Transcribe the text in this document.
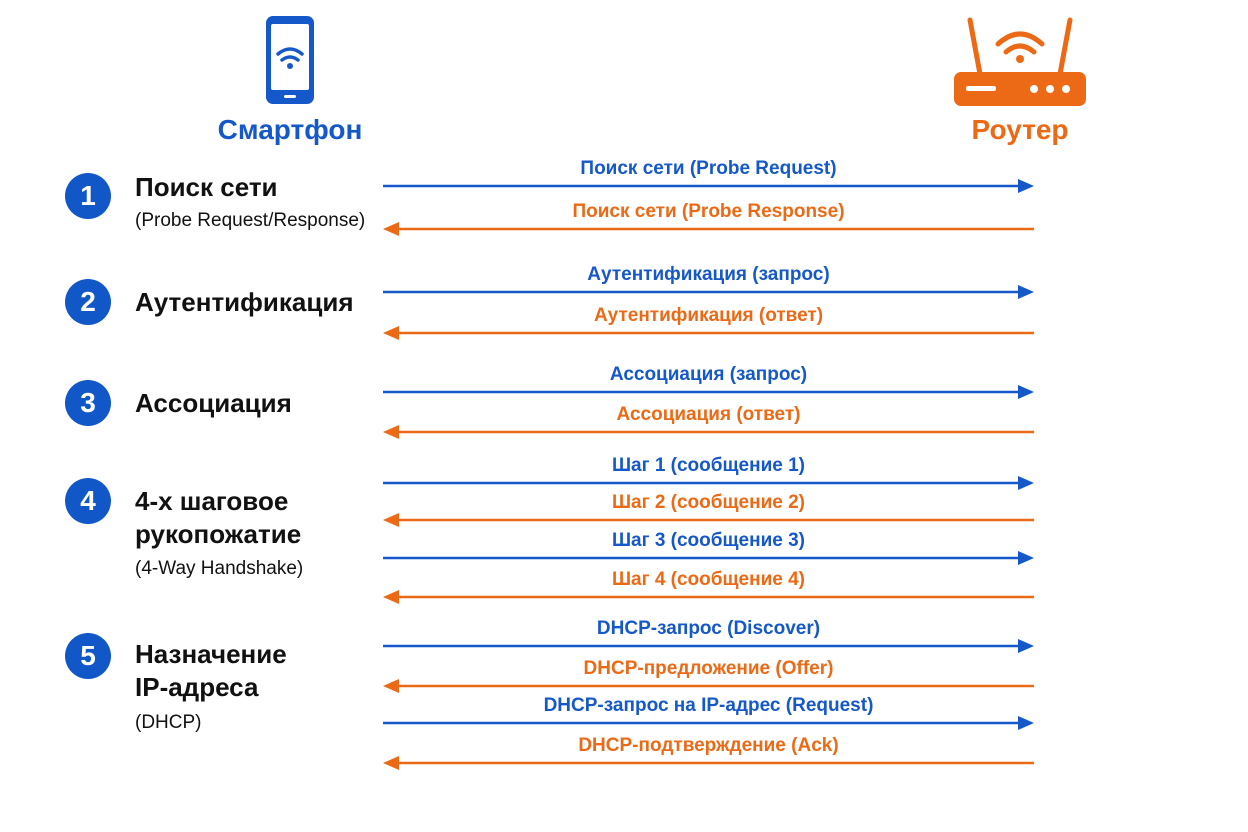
Смартфон	Роутер
1	Поиск сети
(Probe Request/Response)
2	Аутентификация
3	Ассоциация
4	4-х шаговое
рукопожатие
(4-Way Handshake)
5	Назначение
IP-адреса
(DHCP)
Поиск сети (Probe Request)
Поиск сети (Probe Response)
Аутентификация (запрос)
Аутентификация (ответ)
Ассоциация (запрос)
Ассоциация (ответ)
Шаг 1 (сообщение 1)
Шаг 2 (сообщение 2)
Шаг 3 (сообщение 3)
Шаг 4 (сообщение 4)
DHCP-запрос (Discover)
DHCP-предложение (Offer)
DHCP-запрос на IP-адрес (Request)
DHCP-подтверждение (Ack)
